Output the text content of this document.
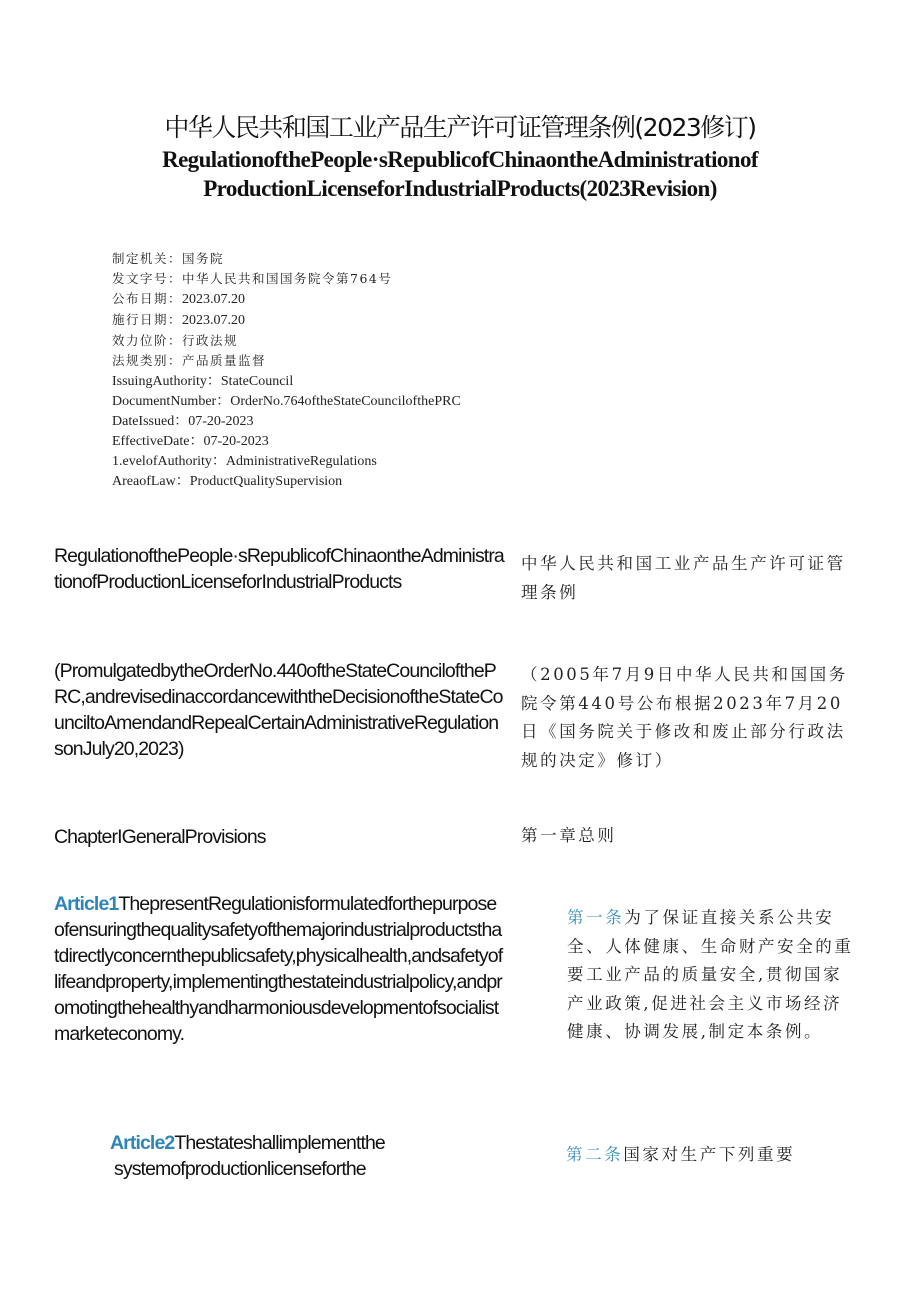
中华人民共和国工业产品生产许可证管理条例(2023修订)
RegulationofthePeople·sRepublicofChinaontheAdministrationof
ProductionLicenseforIndustrialProducts(2023Revision)
制定机关：国务院
发文字号：中华人民共和国国务院令第764号
公布日期：2023.07.20
施行日期：2023.07.20
效力位阶：行政法规
法规类别：产品质量监督
IssuingAuthority：StateCouncil
DocumentNumber：OrderNo.764oftheStateCouncilofthePRC
DateIssued：07-20-2023
EffectiveDate：07-20-2023
1.evelofAuthority：AdministrativeRegulations
AreaofLaw：ProductQualitySupervision
RegulationofthePeople·sRepublicofChinaontheAdministrationofProductionLicenseforIndustrialProducts
中华人民共和国工业产品生产许可证管理条例
(PromulgatedbytheOrderNo.440oftheStateCouncilofthePRC,andrevisedinaccordancewiththeDecisionoftheStateCounciltoAmendandRepealCertainAdministrativeRegulationsonJuly20,2023)
（2005年7月9日中华人民共和国国务院令第440号公布根据2023年7月20日《国务院关于修改和废止部分行政法规的决定》修订）
ChapterIGeneralProvisions	第一章总则
Article1ThepresentRegulationisformulatedforthepurposeofensuringthequalitysafetyofthemajorindustrialproductsthatdirectlyconcernthepublicsafety,physicalhealth,andsafetyoflifeandproperty,implementingthestateindustrialpolicy,andpromotingthehealthyandharmoniousdevelopmentofsocialistmarketeconomy.
第一条为了保证直接关系公共安全、人体健康、生命财产安全的重要工业产品的质量安全,贯彻国家产业政策,促进社会主义市场经济健康、协调发展,制定本条例。
Article2Thestateshallimplementthe
systemofproductionlicenseforthe
第二条国家对生产下列重要
